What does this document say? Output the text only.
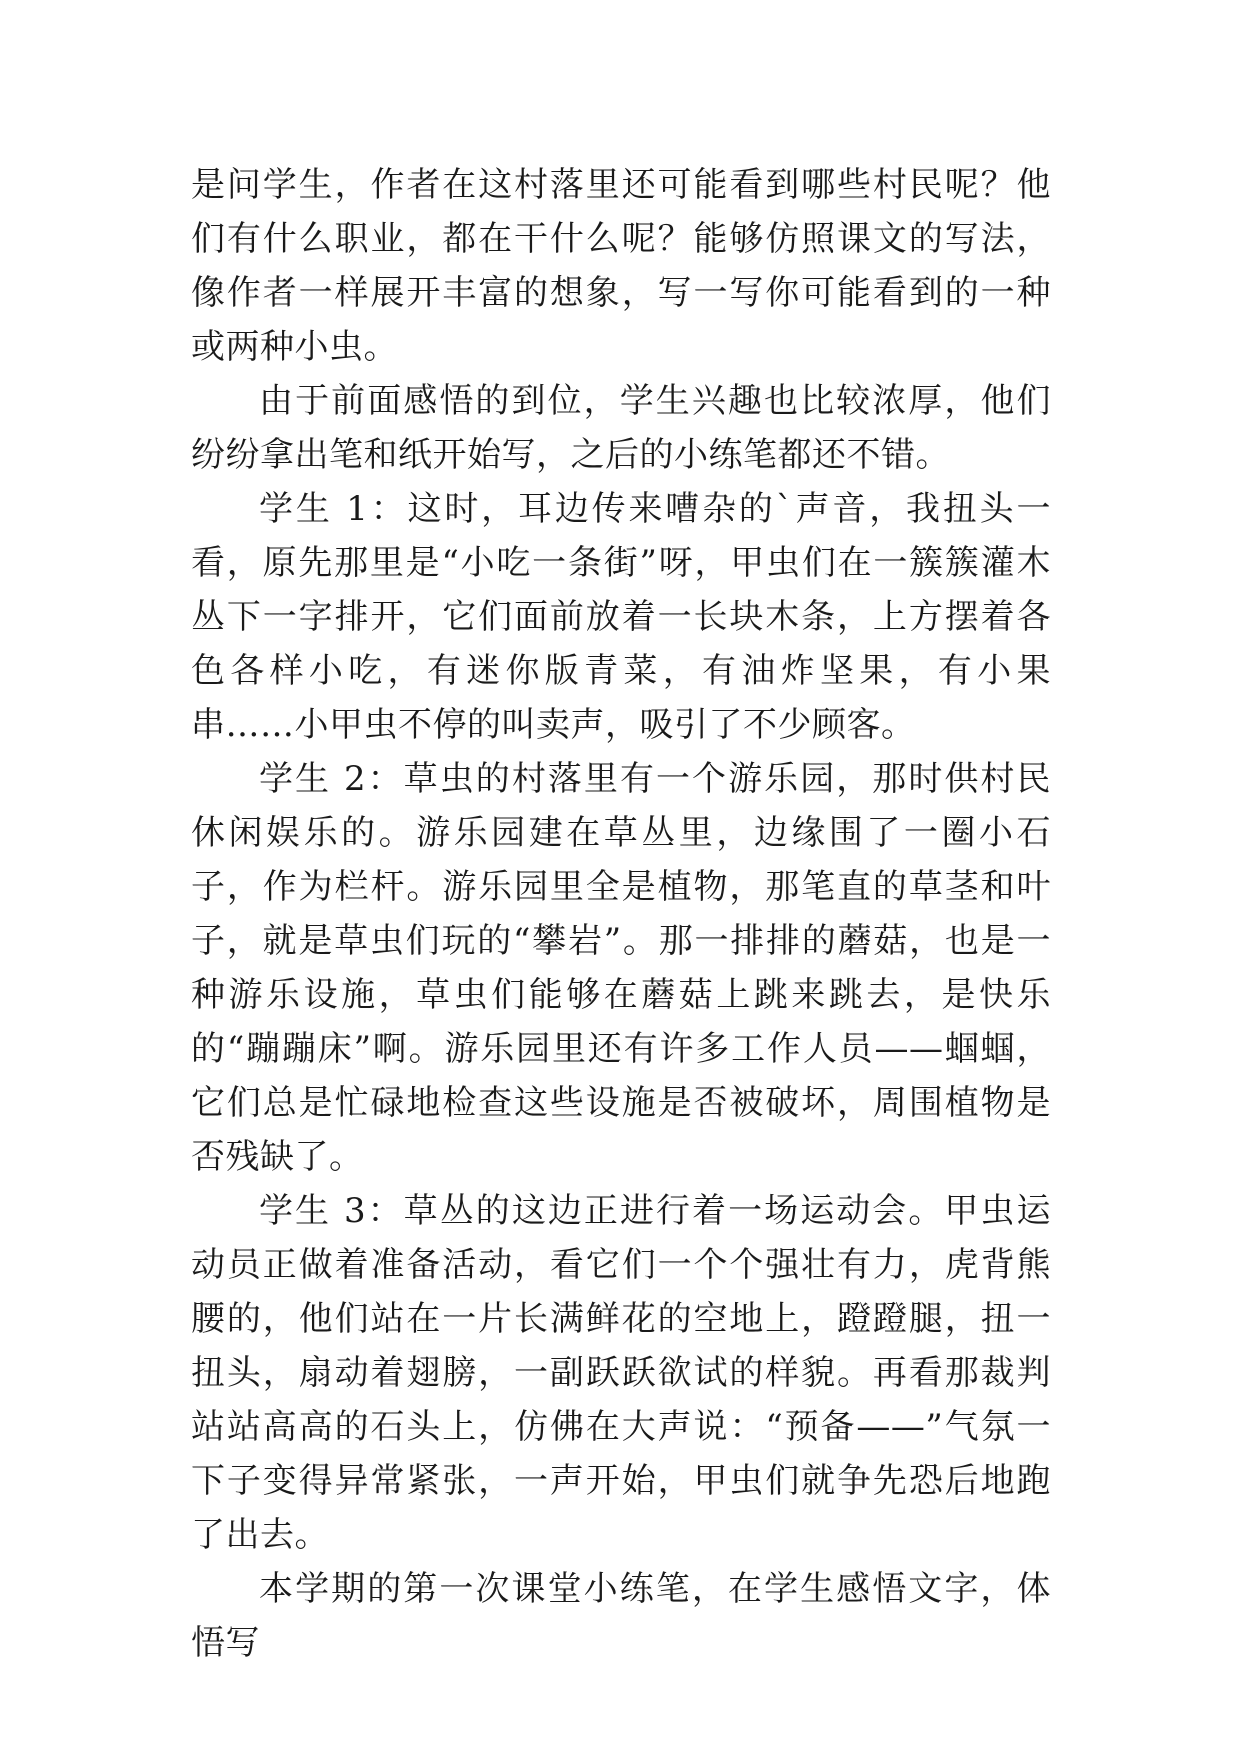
是问学生，作者在这村落里还可能看到哪些村民呢？他们有什么职业，都在干什么呢？能够仿照课文的写法，像作者一样展开丰富的想象，写一写你可能看到的一种或两种小虫。

由于前面感悟的到位，学生兴趣也比较浓厚，他们纷纷拿出笔和纸开始写，之后的小练笔都还不错。

学生 1：这时，耳边传来嘈杂的`声音，我扭头一看，原先那里是“小吃一条街”呀，甲虫们在一簇簇灌木丛下一字排开，它们面前放着一长块木条，上方摆着各色各样小吃，有迷你版青菜，有油炸坚果，有小果串……小甲虫不停的叫卖声，吸引了不少顾客。

学生 2：草虫的村落里有一个游乐园，那时供村民休闲娱乐的。游乐园建在草丛里，边缘围了一圈小石子，作为栏杆。游乐园里全是植物，那笔直的草茎和叶子，就是草虫们玩的“攀岩”。那一排排的蘑菇，也是一种游乐设施，草虫们能够在蘑菇上跳来跳去，是快乐的“蹦蹦床”啊。游乐园里还有许多工作人员——蝈蝈，它们总是忙碌地检查这些设施是否被破坏，周围植物是否残缺了。

学生 3：草丛的这边正进行着一场运动会。甲虫运动员正做着准备活动，看它们一个个强壮有力，虎背熊腰的，他们站在一片长满鲜花的空地上，蹬蹬腿，扭一扭头，扇动着翅膀，一副跃跃欲试的样貌。再看那裁判站站高高的石头上，仿佛在大声说：“预备——”气氛一下子变得异常紧张，一声开始，甲虫们就争先恐后地跑了出去。

本学期的第一次课堂小练笔，在学生感悟文字，体悟写
